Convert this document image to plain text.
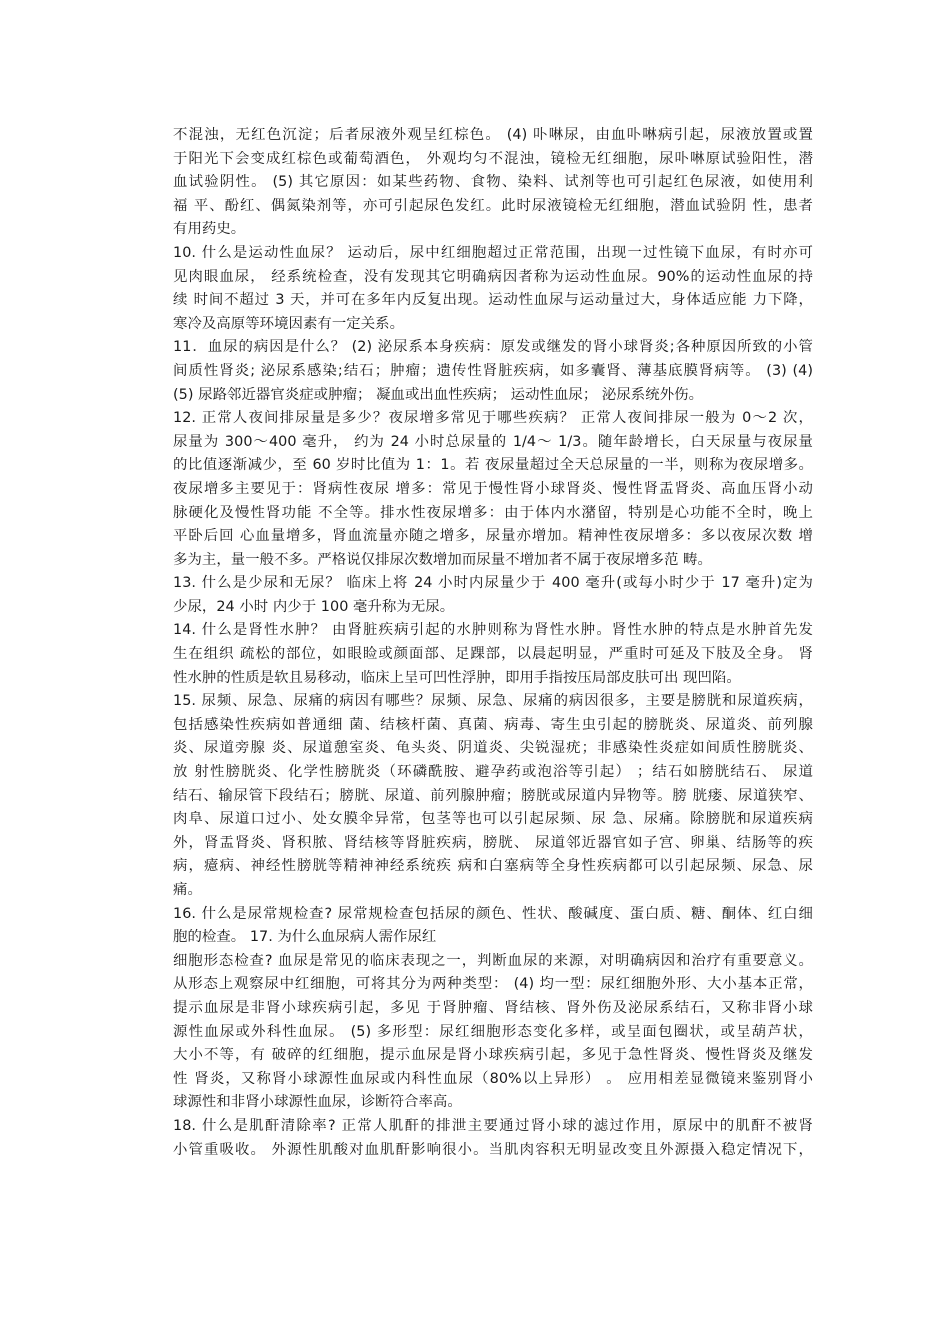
不混浊，无红色沉淀；后者尿液外观呈红棕色。 (4) 卟啉尿，由血卟啉病引起，尿液放置或置
于阳光下会变成红棕色或葡萄酒色， 外观均匀不混浊，镜检无红细胞，尿卟啉原试验阳性，潜
血试验阴性。 (5) 其它原因：如某些药物、食物、染料、试剂等也可引起红色尿液，如使用利
福 平、酚红、偶氮染剂等，亦可引起尿色发红。此时尿液镜检无红细胞，潜血试验阴 性，患者
有用药史。
10. 什么是运动性血尿？ 运动后，尿中红细胞超过正常范围，出现一过性镜下血尿，有时亦可
见肉眼血尿， 经系统检查，没有发现其它明确病因者称为运动性血尿。90%的运动性血尿的持
续 时间不超过 3 天，并可在多年内反复出现。运动性血尿与运动量过大，身体适应能 力下降，
寒冷及高原等环境因素有一定关系。
11．血尿的病因是什么？ (2) 泌尿系本身疾病：原发或继发的肾小球肾炎;各种原因所致的小管
间质性肾炎; 泌尿系感染;结石；肿瘤；遗传性肾脏疾病，如多囊肾、薄基底膜肾病等。 (3) (4)
(5) 尿路邻近器官炎症或肿瘤； 凝血或出血性疾病； 运动性血尿； 泌尿系统外伤。
12. 正常人夜间排尿量是多少？夜尿增多常见于哪些疾病？ 正常人夜间排尿一般为 0～2 次，
尿量为 300～400 毫升， 约为 24 小时总尿量的 1/4～ 1/3。随年龄增长，白天尿量与夜尿量
的比值逐渐减少，至 60 岁时比值为 1：1。若 夜尿量超过全天总尿量的一半，则称为夜尿增多。
夜尿增多主要见于：肾病性夜尿 增多：常见于慢性肾小球肾炎、慢性肾盂肾炎、高血压肾小动
脉硬化及慢性肾功能 不全等。排水性夜尿增多：由于体内水潴留，特别是心功能不全时，晚上
平卧后回 心血量增多，肾血流量亦随之增多，尿量亦增加。精神性夜尿增多：多以夜尿次数 增
多为主，量一般不多。严格说仅排尿次数增加而尿量不增加者不属于夜尿增多范 畴。
13. 什么是少尿和无尿？ 临床上将 24 小时内尿量少于 400 毫升(或每小时少于 17 毫升)定为
少尿，24 小时 内少于 100 毫升称为无尿。
14. 什么是肾性水肿？ 由肾脏疾病引起的水肿则称为肾性水肿。肾性水肿的特点是水肿首先发
生在组织 疏松的部位，如眼睑或颜面部、足踝部，以晨起明显，严重时可延及下肢及全身。 肾
性水肿的性质是软且易移动，临床上呈可凹性浮肿，即用手指按压局部皮肤可出 现凹陷。
15. 尿频、尿急、尿痛的病因有哪些？尿频、尿急、尿痛的病因很多，主要是膀胱和尿道疾病，
包括感染性疾病如普通细 菌、结核杆菌、真菌、病毒、寄生虫引起的膀胱炎、尿道炎、前列腺
炎、尿道旁腺 炎、尿道憩室炎、龟头炎、阴道炎、尖锐湿疣；非感染性炎症如间质性膀胱炎、
放 射性膀胱炎、化学性膀胱炎（环磷酰胺、避孕药或泡浴等引起） ；结石如膀胱结石、 尿道
结石、输尿管下段结石；膀胱、尿道、前列腺肿瘤；膀胱或尿道内异物等。膀 胱瘘、尿道狭窄、
肉阜、尿道口过小、处女膜伞异常，包茎等也可以引起尿频、尿 急、尿痛。除膀胱和尿道疾病
外，肾盂肾炎、肾积脓、肾结核等肾脏疾病，膀胱、 尿道邻近器官如子宫、卵巢、结肠等的疾
病，癔病、神经性膀胱等精神神经系统疾 病和白塞病等全身性疾病都可以引起尿频、尿急、尿
痛。
16. 什么是尿常规检查? 尿常规检查包括尿的颜色、性状、酸碱度、蛋白质、糖、酮体、红白细
胞的检查。 17. 为什么血尿病人需作尿红
细胞形态检查? 血尿是常见的临床表现之一，判断血尿的来源，对明确病因和治疗有重要意义。
从形态上观察尿中红细胞，可将其分为两种类型： (4) 均一型：尿红细胞外形、大小基本正常，
提示血尿是非肾小球疾病引起，多见 于肾肿瘤、肾结核、肾外伤及泌尿系结石，又称非肾小球
源性血尿或外科性血尿。 (5) 多形型：尿红细胞形态变化多样，或呈面包圈状，或呈葫芦状，
大小不等，有 破碎的红细胞，提示血尿是肾小球疾病引起，多见于急性肾炎、慢性肾炎及继发
性 肾炎，又称肾小球源性血尿或内科性血尿（80%以上异形） 。 应用相差显微镜来鉴别肾小
球源性和非肾小球源性血尿，诊断符合率高。
18. 什么是肌酐清除率? 正常人肌酐的排泄主要通过肾小球的滤过作用，原尿中的肌酐不被肾
小管重吸收。 外源性肌酸对血肌酐影响很小。当肌肉容积无明显改变且外源摄入稳定情况下，
